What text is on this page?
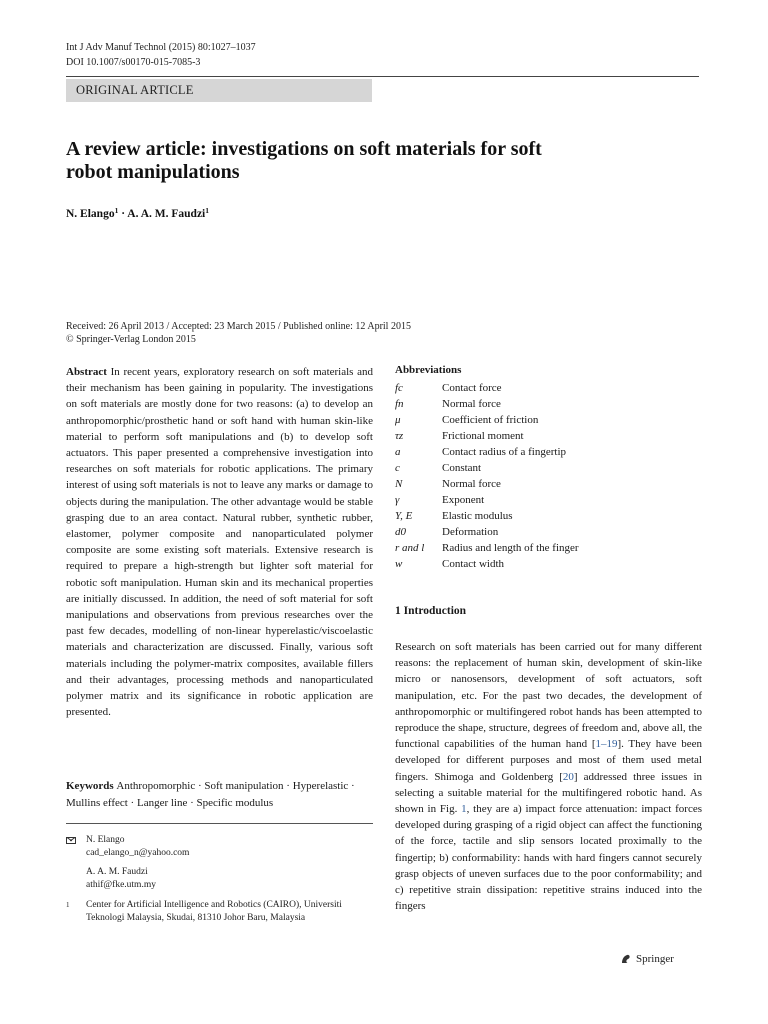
Int J Adv Manuf Technol (2015) 80:1027–1037
DOI 10.1007/s00170-015-7085-3
ORIGINAL ARTICLE
A review article: investigations on soft materials for soft
robot manipulations
N. Elango$^1$ · A. A. M. Faudzi$^1$
Received: 26 April 2013 / Accepted: 23 March 2015 / Published online: 12 April 2015
© Springer-Verlag London 2015

Abstract In recent years, exploratory research on soft materials and their mechanism has been gaining in popularity. The investigations on soft materials are mostly done for two reasons: (a) to develop an anthropomorphic/prosthetic hand or soft hand with human skin-like material to perform soft manipulations and (b) to develop soft actuators. This paper presented a comprehensive investigation into researches on soft materials for robotic applications. The primary interest of using soft materials is not to leave any marks or damage to objects during the manipulation. The other advantage would be stable grasping due to an area contact. Natural rubber, synthetic rubber, elastomer, polymer composite and nanoparticulated polymer composite are some existing soft materials. Extensive research is required to prepare a high-strength but lighter soft material for robotic soft manipulation. Human skin and its mechanical properties are initially discussed. In addition, the need of soft material for soft manipulations and observations from previous researches over the past few decades, modelling of non-linear hyperelastic/viscoelastic materials and characterization are discussed. Finally, various soft materials including the polymer-matrix composites, available fillers and their advantages, processing methods and nanoparticulated polymer matrix and its significance in robotic application are presented.

Keywords Anthropomorphic · Soft manipulation · Hyperelastic · Mullins effect · Langer line · Specific modulus

N. Elango
cad_elango_n@yahoo.com
A. A. M. Faudzi
athif@fke.utm.my
1 Center for Artificial Intelligence and Robotics (CAIRO), Universiti
Teknologi Malaysia, Skudai, 81310 Johor Baru, Malaysia
Abbreviations
fc	Contact force
fn	Normal force
μ	Coefficient of friction
τz	Frictional moment
a	Contact radius of a fingertip
c	Constant
N	Normal force
γ	Exponent
Y, E	Elastic modulus
d0	Deformation
r and l	Radius and length of the finger
w	Contact width
1 Introduction

Research on soft materials has been carried out for many different reasons: the replacement of human skin, development of skin-like micro or nanosensors, development of soft actuators, soft manipulation, etc. For the past two decades, the development of anthropomorphic or multifingered robot hands has been attempted to reproduce the shape, structure, degrees of freedom and, above all, the functional capabilities of the human hand [1–19]. They have been developed for different purposes and most of them used metal fingers. Shimoga and Goldenberg [20] addressed three issues in selecting a suitable material for the multifingered robotic hand. As shown in Fig. 1, they are a) impact force attenuation: impact forces developed during grasping of a rigid object can affect the functioning of the force, tactile and slip sensors located proximally to the fingertip; b) conformability: hands with hard fingers cannot securely grasp objects of uneven surfaces due to the poor conformability; and c) repetitive strain dissipation: repetitive strains induced into the fingers

Springer
